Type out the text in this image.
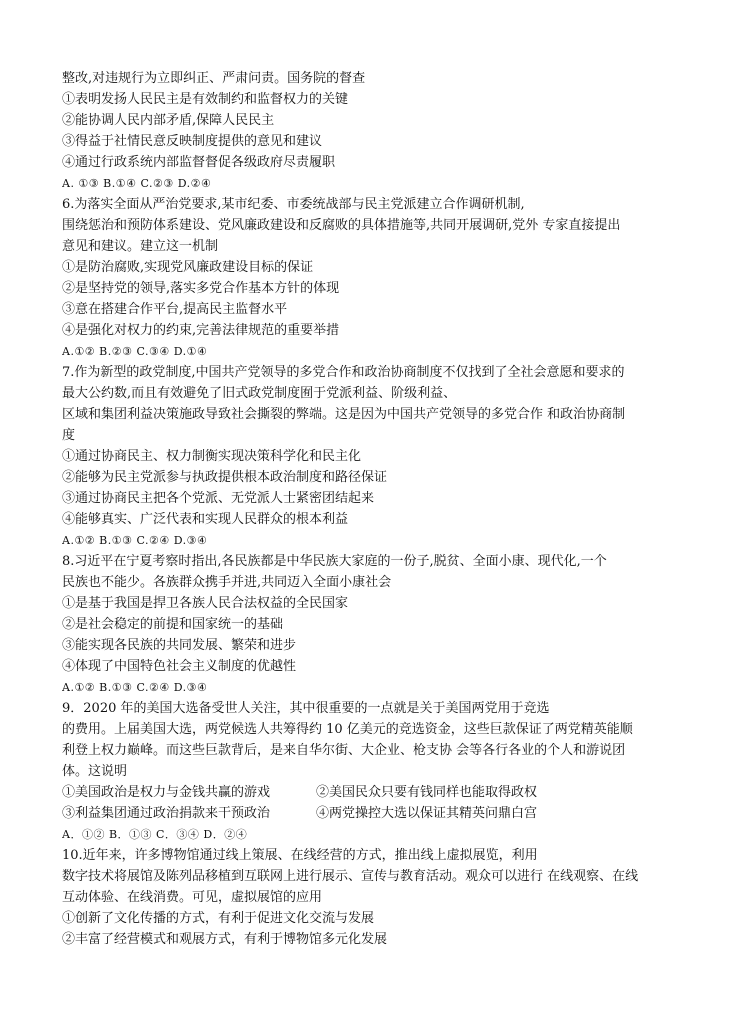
整改,对违规行为立即纠正、严肃问责。国务院的督查
①表明发扬人民民主是有效制约和监督权力的关键
②能协调人民内部矛盾,保障人民民主
③得益于社情民意反映制度提供的意见和建议
④通过行政系统内部监督督促各级政府尽责履职
A. ①③ B.①④ C.②③ D.②④
6.为落实全面从严治党要求,某市纪委、市委统战部与民主党派建立合作调研机制,
围绕惩治和预防体系建设、党风廉政建设和反腐败的具体措施等,共同开展调研,党外 专家直接提出
意见和建议。建立这一机制
①是防治腐败,实现党风廉政建设目标的保证
②是坚持党的领导,落实多党合作基本方针的体现
③意在搭建合作平台,提高民主监督水平
④是强化对权力的约束,完善法律规范的重要举措
A.①② B.②③ C.③④ D.①④
7.作为新型的政党制度,中国共产党领导的多党合作和政治协商制度不仅找到了全社会意愿和要求的
最大公约数,而且有效避免了旧式政党制度囿于党派利益、阶级利益、
区域和集团利益决策施政导致社会撕裂的弊端。这是因为中国共产党领导的多党合作 和政治协商制
度
①通过协商民主、权力制衡实现决策科学化和民主化
②能够为民主党派参与执政提供根本政治制度和路径保证
③通过协商民主把各个党派、无党派人士紧密团结起来
④能够真实、广泛代表和实现人民群众的根本利益
A.①② B.①③ C.②④ D.③④
8.习近平在宁夏考察时指出,各民族都是中华民族大家庭的一份子,脱贫、全面小康、现代化,一个
民族也不能少。各族群众携手并进,共同迈入全面小康社会
①是基于我国是捍卫各族人民合法权益的全民国家
②是社会稳定的前提和国家统一的基础
③能实现各民族的共同发展、繁荣和进步
④体现了中国特色社会主义制度的优越性
A.①② B.①③ C.②④ D.③④
9．2020 年的美国大选备受世人关注，其中很重要的一点就是关于美国两党用于竞选
的费用。上届美国大选，两党候选人共筹得约 10 亿美元的竞选资金，这些巨款保证了两党精英能顺
利登上权力巅峰。而这些巨款背后，是来自华尔街、大企业、枪支协 会等各行各业的个人和游说团
体。这说明
①美国政治是权力与金钱共赢的游戏	②美国民众只要有钱同样也能取得政权
③利益集团通过政治捐款来干预政治	④两党操控大选以保证其精英问鼎白宫
A．①② B．①③ C．③④ D．②④
10.近年来，许多博物馆通过线上策展、在线经营的方式，推出线上虚拟展览，利用
数字技术将展馆及陈列品移植到互联网上进行展示、宣传与教育活动。观众可以进行 在线观察、在线
互动体验、在线消费。可见，虚拟展馆的应用
①创新了文化传播的方式，有利于促进文化交流与发展
②丰富了经营模式和观展方式，有利于博物馆多元化发展
